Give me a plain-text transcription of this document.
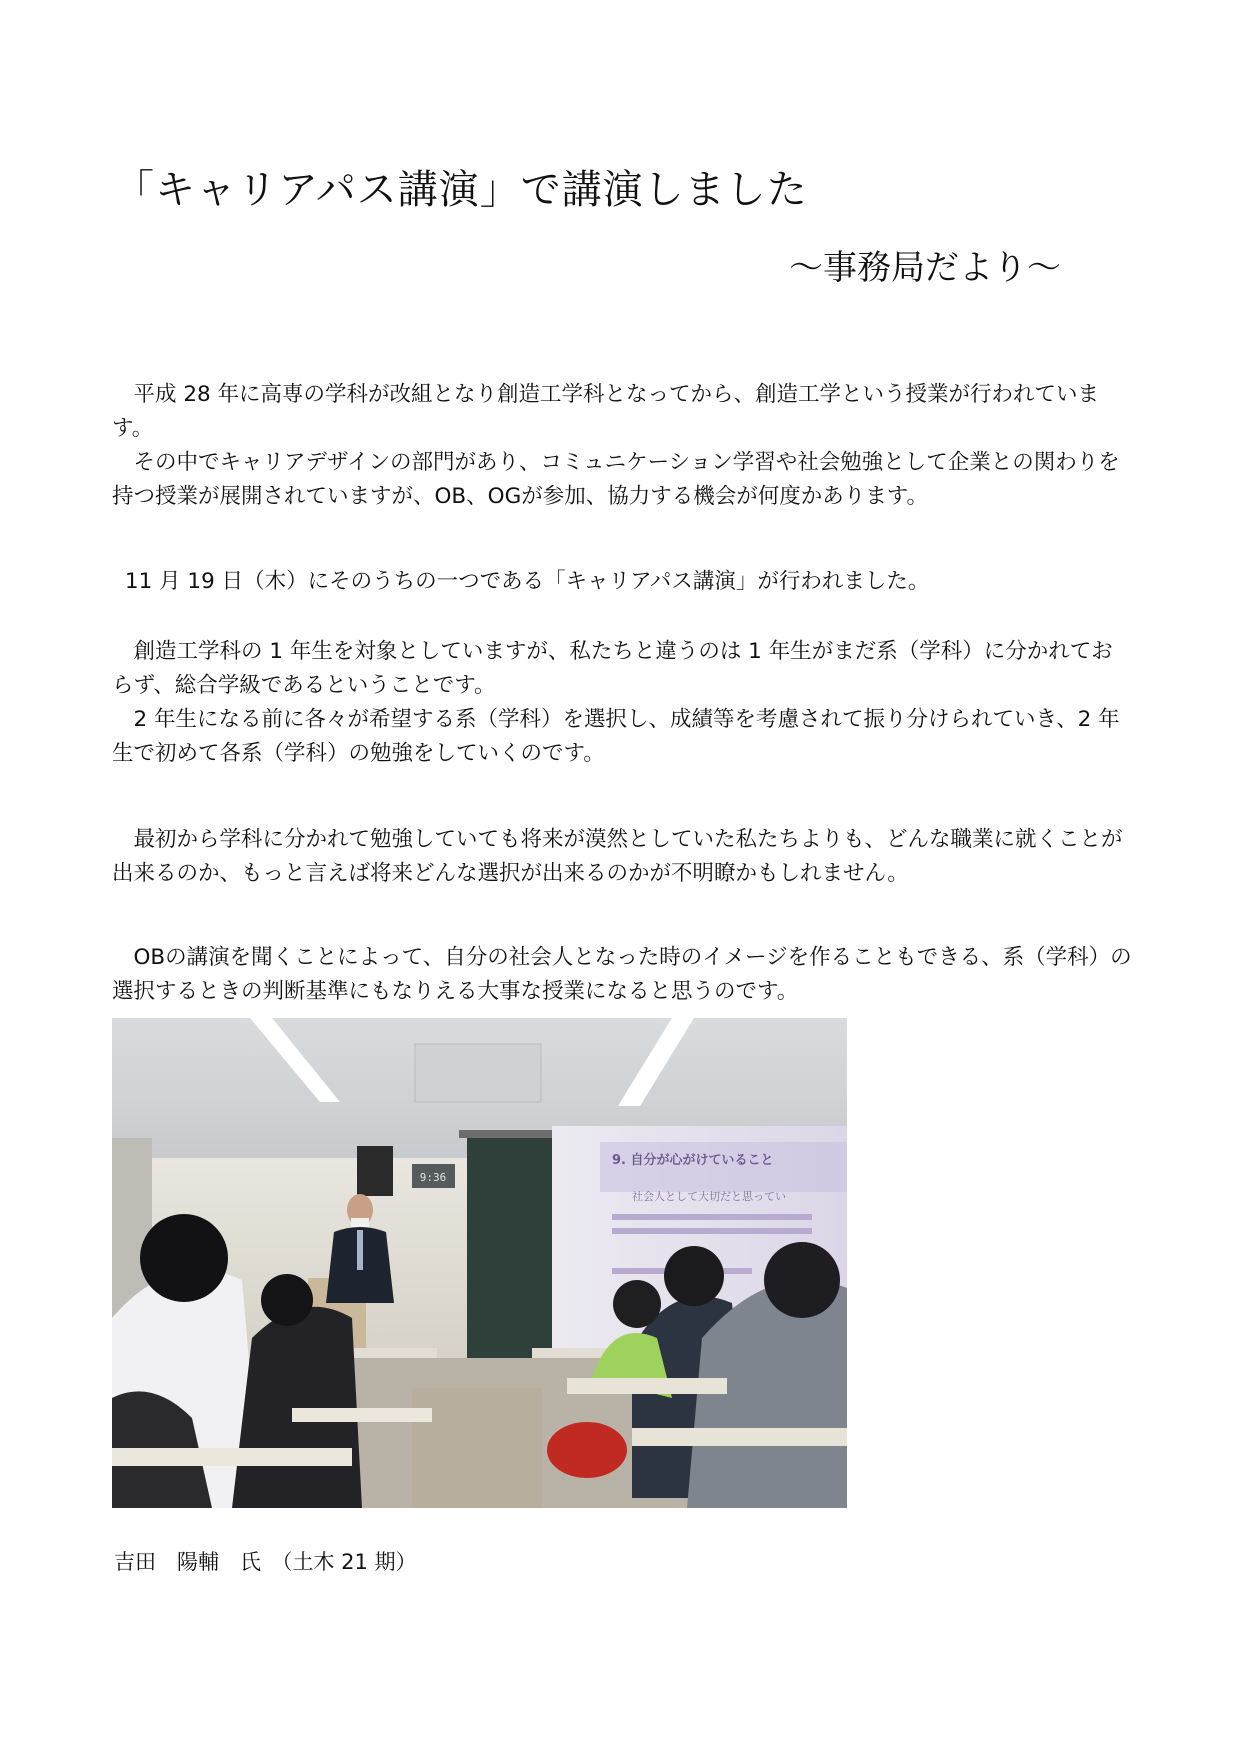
「キャリアパス講演」で講演しました
～事務局だより～

平成 28 年に高専の学科が改組となり創造工学科となってから、創造工学という授業が行われています。

その中でキャリアデザインの部門があり、コミュニケーション学習や社会勉強として企業との関わりを持つ授業が展開されていますが、OB、OGが参加、協力する機会が何度かあります。

11 月 19 日（木）にそのうちの一つである「キャリアパス講演」が行われました。

創造工学科の 1 年生を対象としていますが、私たちと違うのは 1 年生がまだ系（学科）に分かれておらず、総合学級であるということです。

2 年生になる前に各々が希望する系（学科）を選択し、成績等を考慮されて振り分けられていき、2 年生で初めて各系（学科）の勉強をしていくのです。

最初から学科に分かれて勉強していても将来が漠然としていた私たちよりも、どんな職業に就くことが出来るのか、もっと言えば将来どんな選択が出来るのかが不明瞭かもしれません。

OBの講演を聞くことによって、自分の社会人となった時のイメージを作ることもできる、系（学科）の選択するときの判断基準にもなりえる大事な授業になると思うのです。

9:36
9. 自分が心がけていること
社会人として大切だと思ってい
吉田　陽輔　氏　（土木 21 期）
